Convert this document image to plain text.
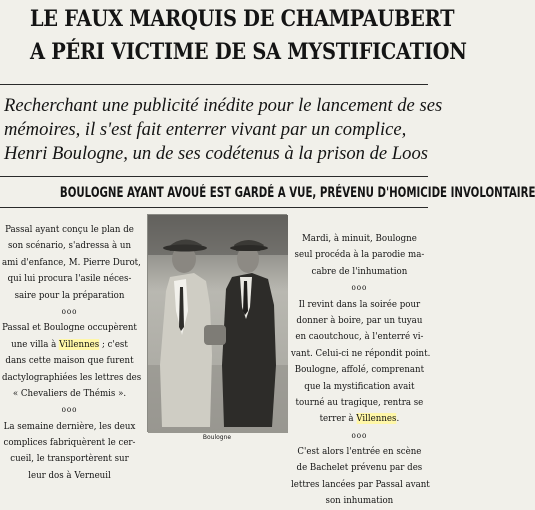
LE FAUX MARQUIS DE CHAMPAUBERT
A PÉRI VICTIME DE SA MYSTIFICATION
Recherchant une publicité inédite pour le lancement de ses
mémoires, il s'est fait enterrer vivant par un complice,
Henri Boulogne, un de ses codétenus à la prison de Loos
BOULOGNE AYANT AVOUÉ EST GARDÉ A VUE, PRÉVENU D'HOMICIDE INVOLONTAIRE
Passal ayant conçu le plan de
son scénario, s'adressa à un
ami d'enfance, M. Pierre Durot,
qui lui procura l'asile néces-
saire pour la préparation
ooo
Passal et Boulogne occupèrent
une villa à Villennes ; c'est
dans cette maison que furent
dactylographiées les lettres des
« Chevaliers de Thémis ».
ooo
La semaine dernière, les deux
complices fabriquèrent le cer-
cueil, le transportèrent sur
leur dos à Verneuil
Boulogne
Mardi, à minuit, Boulogne
seul procéda à la parodie ma-
cabre de l'inhumation
ooo
Il revint dans la soirée pour
donner à boire, par un tuyau
en caoutchouc, à l'enterré vi-
vant. Celui-ci ne répondit point.
Boulogne, affolé, comprenant
que la mystification avait
tourné au tragique, rentra se
terrer à Villennes.
ooo
C'est alors l'entrée en scène
de Bachelet prévenu par des
lettres lancées par Passal avant
son inhumation
